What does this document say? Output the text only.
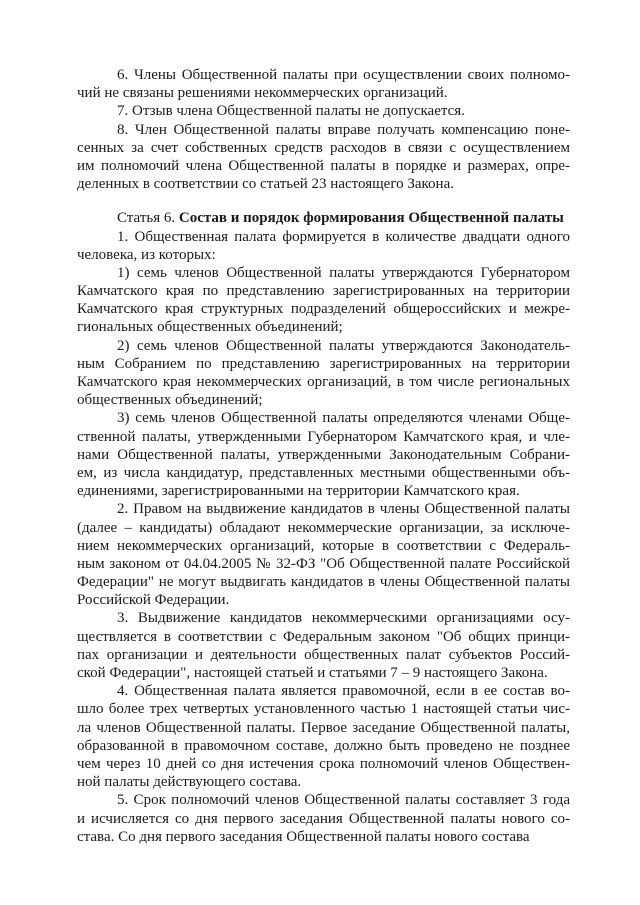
6. Члены Общественной палаты при осуществлении своих полномо-
чий не связаны решениями некоммерческих организаций.
7. Отзыв члена Общественной палаты не допускается.
8. Член Общественной палаты вправе получать компенсацию поне-
сенных за счет собственных средств расходов в связи с осуществлением
им полномочий члена Общественной палаты в порядке и размерах, опре-
деленных в соответствии со статьей 23 настоящего Закона.
Статья 6. Состав и порядок формирования Общественной палаты
1. Общественная палата формируется в количестве двадцати одного
человека, из которых:
1) семь членов Общественной палаты утверждаются Губернатором
Камчатского края по представлению зарегистрированных на территории
Камчатского края структурных подразделений общероссийских и межре-
гиональных общественных объединений;
2) семь членов Общественной палаты утверждаются Законодатель-
ным Собранием по представлению зарегистрированных на территории
Камчатского края некоммерческих организаций, в том числе региональных
общественных объединений;
3) семь членов Общественной палаты определяются членами Обще-
ственной палаты, утвержденными Губернатором Камчатского края, и чле-
нами Общественной палаты, утвержденными Законодательным Собрани-
ем, из числа кандидатур, представленных местными общественными объ-
единениями, зарегистрированными на территории Камчатского края.
2. Правом на выдвижение кандидатов в члены Общественной палаты
(далее – кандидаты) обладают некоммерческие организации, за исключе-
нием некоммерческих организаций, которые в соответствии с Федераль-
ным законом от 04.04.2005 № 32-ФЗ "Об Общественной палате Российской
Федерации" не могут выдвигать кандидатов в члены Общественной палаты
Российской Федерации.
3. Выдвижение кандидатов некоммерческими организациями осу-
ществляется в соответствии с Федеральным законом "Об общих принци-
пах организации и деятельности общественных палат субъектов Россий-
ской Федерации", настоящей статьей и статьями 7 – 9 настоящего Закона.
4. Общественная палата является правомочной, если в ее состав во-
шло более трех четвертых установленного частью 1 настоящей статьи чис-
ла членов Общественной палаты. Первое заседание Общественной палаты,
образованной в правомочном составе, должно быть проведено не позднее
чем через 10 дней со дня истечения срока полномочий членов Обществен-
ной палаты действующего состава.
5. Срок полномочий членов Общественной палаты составляет 3 года
и исчисляется со дня первого заседания Общественной палаты нового со-
става. Со дня первого заседания Общественной палаты нового состава
